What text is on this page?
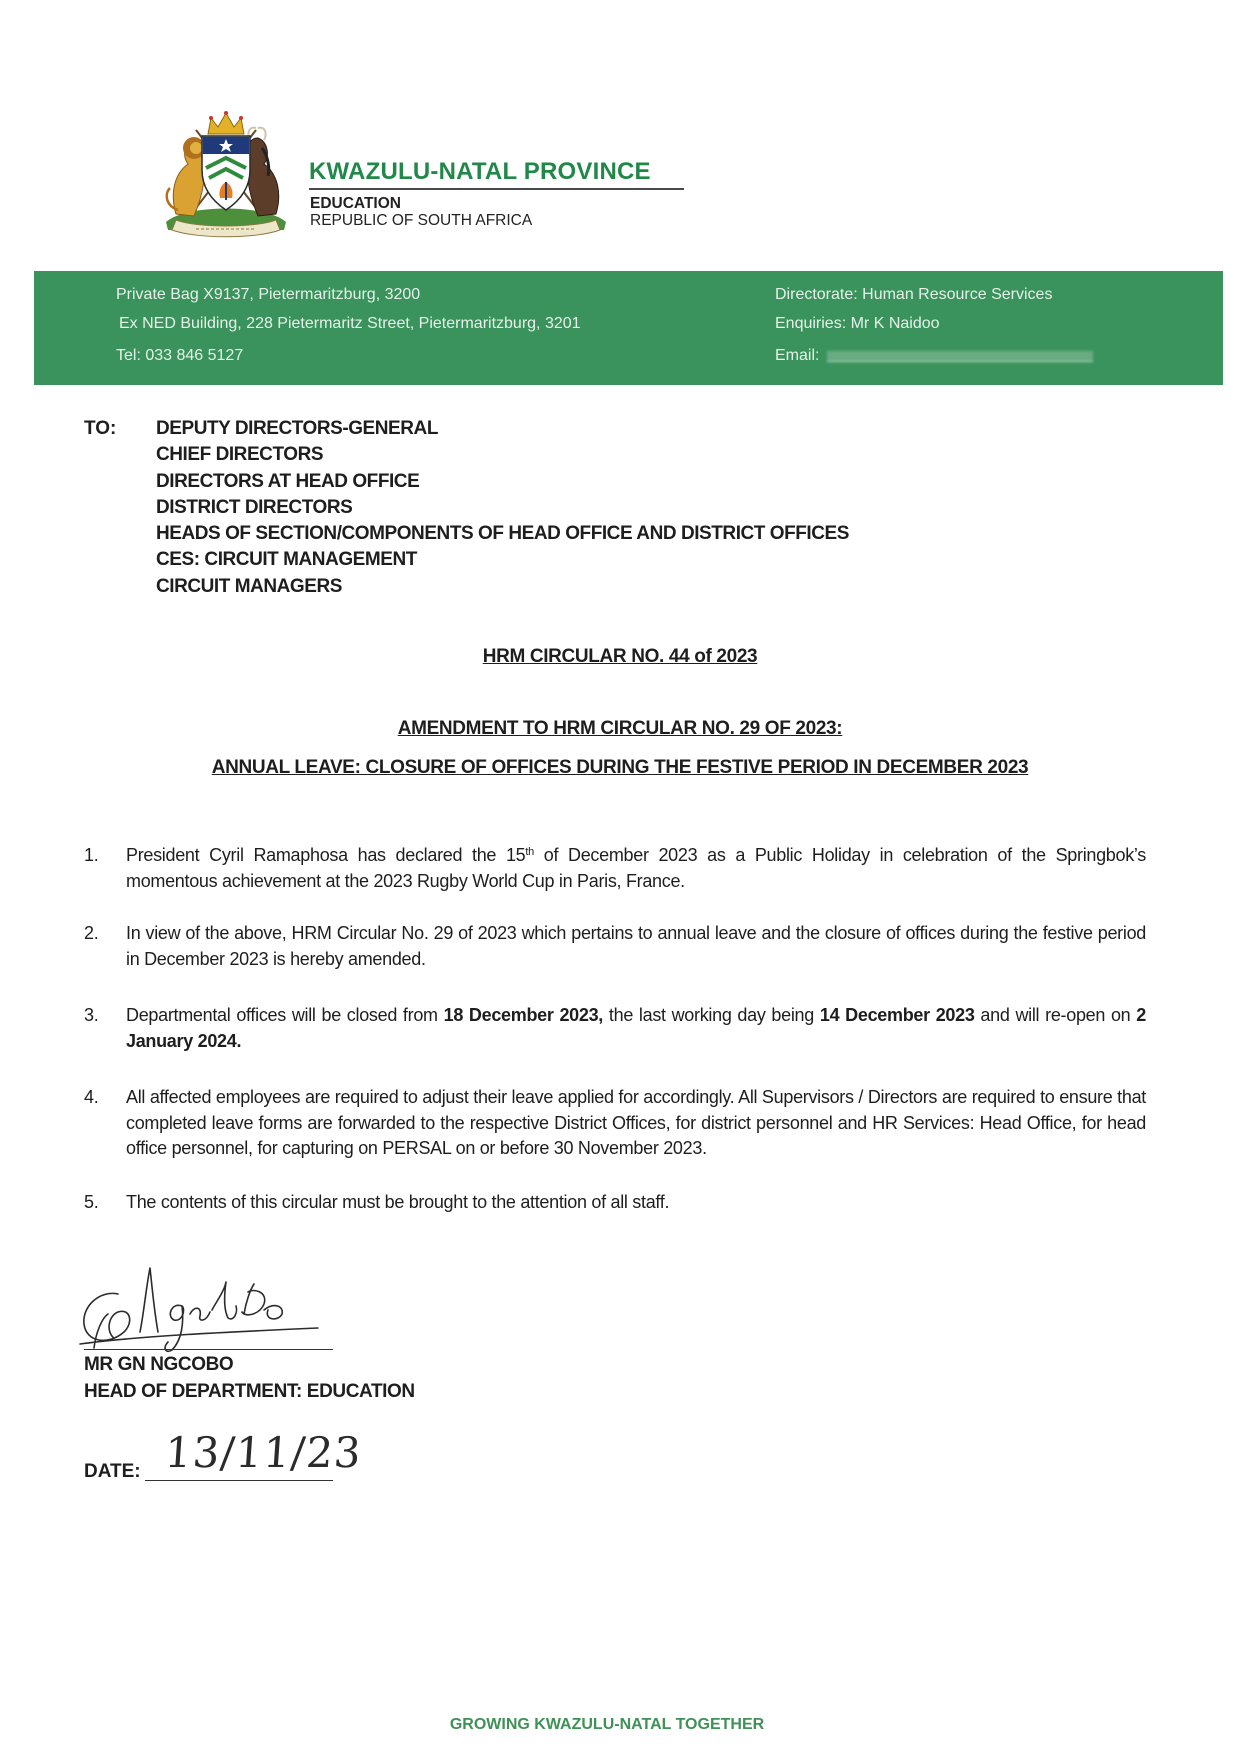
KWAZULU-NATAL PROVINCE
EDUCATION
REPUBLIC OF SOUTH AFRICA
Private Bag X9137, Pietermaritzburg, 3200
Ex NED Building, 228 Pietermaritz Street, Pietermaritzburg, 3201
Tel: 033 846 5127
Directorate: Human Resource Services
Enquiries: Mr K Naidoo
Email:
TO: DEPUTY DIRECTORS-GENERAL
CHIEF DIRECTORS
DIRECTORS AT HEAD OFFICE
DISTRICT DIRECTORS
HEADS OF SECTION/COMPONENTS OF HEAD OFFICE AND DISTRICT OFFICES
CES: CIRCUIT MANAGEMENT
CIRCUIT MANAGERS
HRM CIRCULAR NO. 44 of 2023
AMENDMENT TO HRM CIRCULAR NO. 29 OF 2023:
ANNUAL LEAVE: CLOSURE OF OFFICES DURING THE FESTIVE PERIOD IN DECEMBER 2023
1. President Cyril Ramaphosa has declared the 15th of December 2023 as a Public Holiday in celebration of the Springbok’s momentous achievement at the 2023 Rugby World Cup in Paris, France.
2. In view of the above, HRM Circular No. 29 of 2023 which pertains to annual leave and the closure of offices during the festive period in December 2023 is hereby amended.
3. Departmental offices will be closed from 18 December 2023, the last working day being 14 December 2023 and will re-open on 2 January 2024.
4. All affected employees are required to adjust their leave applied for accordingly. All Supervisors / Directors are required to ensure that completed leave forms are forwarded to the respective District Offices, for district personnel and HR Services: Head Office, for head office personnel, for capturing on PERSAL on or before 30 November 2023.
5. The contents of this circular must be brought to the attention of all staff.
MR GN NGCOBO
HEAD OF DEPARTMENT: EDUCATION
DATE: 13/11/23
GROWING KWAZULU-NATAL TOGETHER
